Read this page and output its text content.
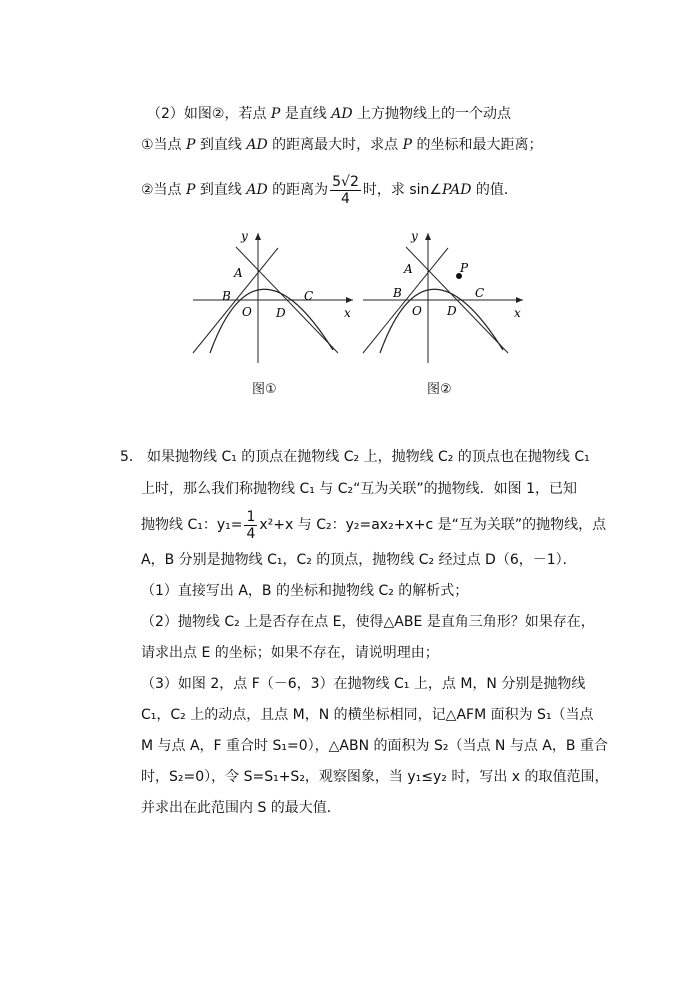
（2）如图②，若点 P 是直线 AD 上方抛物线上的一个动点
①当点 P 到直线 AD 的距离最大时，求点 P 的坐标和最大距离；
②当点 P 到直线 AD 的距离为 $\frac{5√2}{4}$ 时，求 sin∠PAD 的值．
y
x
A
B
O
C
D
图①
y
x
A
B
O
C
D
P
图②
5． 如果抛物线 C₁ 的顶点在抛物线 C₂ 上，抛物线 C₂ 的顶点也在抛物线 C₁
上时，那么我们称抛物线 C₁ 与 C₂“互为关联”的抛物线．如图 1，已知
抛物线 C₁：$y_1= \frac{1}{4} x^2+x$ 与 C₂：y₂=ax₂+x+c 是“互为关联”的抛物线，点
A，B 分别是抛物线 C₁，C₂ 的顶点，抛物线 C₂ 经过点 D（6，－1）．
（1）直接写出 A，B 的坐标和抛物线 C₂ 的解析式；
（2）抛物线 C₂ 上是否存在点 E，使得△ABE 是直角三角形？如果存在，
请求出点 E 的坐标；如果不存在，请说明理由；
（3）如图 2，点 F（－6，3）在抛物线 C₁ 上，点 M，N 分别是抛物线
C₁，C₂ 上的动点，且点 M，N 的横坐标相同，记△AFM 面积为 S₁（当点
M 与点 A，F 重合时 S₁=0），△ABN 的面积为 S₂（当点 N 与点 A，B 重合
时，S₂=0），令 S=S₁+S₂，观察图象，当 y₁≤y₂ 时，写出 x 的取值范围，
并求出在此范围内 S 的最大值．
